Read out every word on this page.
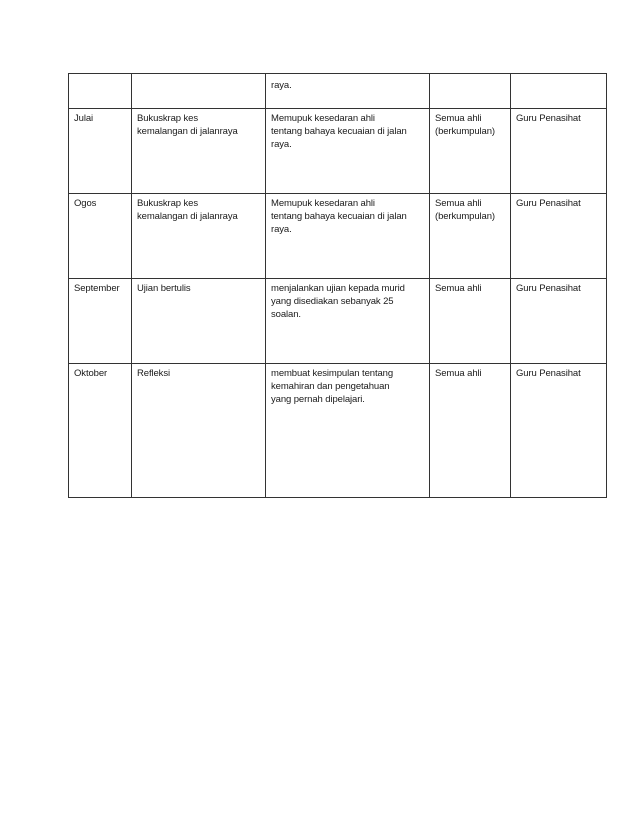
		raya.		

Julai	Bukuskrap kes
kemalangan di jalanraya	Memupuk kesedaran ahli
tentang bahaya kecuaian di jalan
raya.	Semua ahli
(berkumpulan)	Guru Penasihat

Ogos	Bukuskrap kes
kemalangan di jalanraya	Memupuk kesedaran ahli
tentang bahaya kecuaian di jalan
raya.	Semua ahli
(berkumpulan)	Guru Penasihat

September	Ujian bertulis	menjalankan ujian kepada murid
yang disediakan sebanyak 25
soalan.	Semua ahli	Guru Penasihat

Oktober	Refleksi	membuat kesimpulan tentang
kemahiran dan pengetahuan
yang pernah dipelajari.	Semua ahli	Guru Penasihat
